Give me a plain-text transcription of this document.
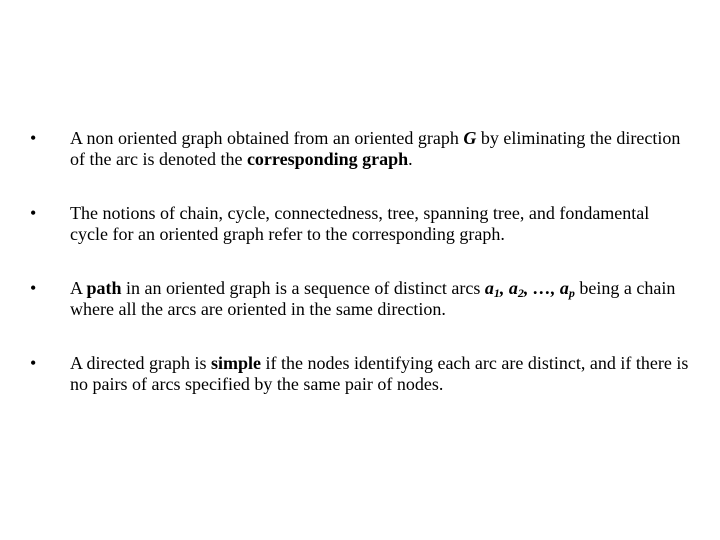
•	A non oriented graph obtained from an oriented graph G by eliminating the direction of the arc is denoted the corresponding graph.
•	The notions of chain, cycle, connectedness, tree, spanning tree, and fondamental cycle for an oriented graph refer to the corresponding graph.
•	A path in an oriented graph is a sequence of distinct arcs $a_1$, $a_2$, …, $a_p$ being a chain where all the arcs are oriented in the same direction.
•	A directed graph is simple if the nodes identifying each arc are distinct, and if there is no pairs of arcs specified by the same pair of nodes.
